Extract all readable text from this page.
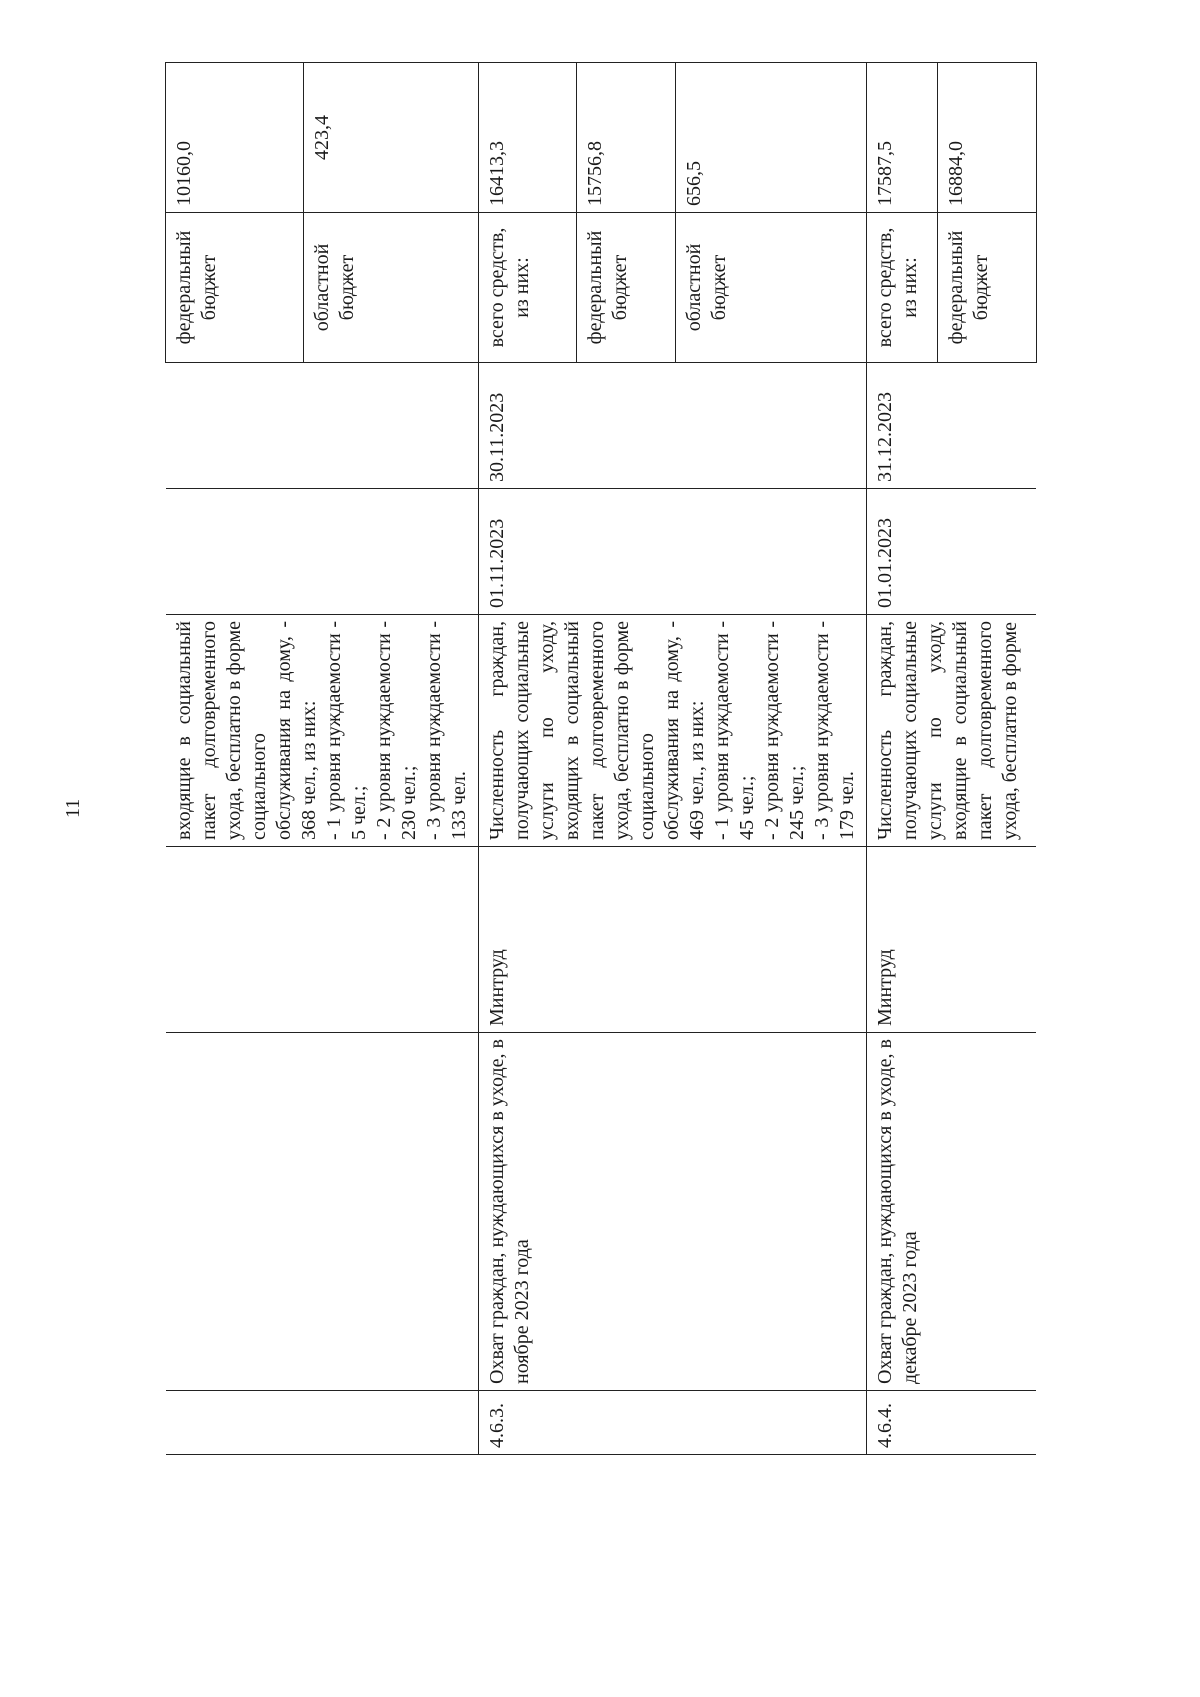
11

			входящие в социальный пакет долговременного ухода, бесплатно в форме социального обслуживания на дому, - 368 чел., из них: - 1 уровня нуждаемости - 5 чел.; - 2 уровня нуждаемости - 230 чел.; - 3 уровня нуждаемости - 133 чел.			федеральный бюджет	10160,0
						областной бюджет	423,4
4.6.3.	Охват граждан, нуждающихся в уходе, в ноябре 2023 года	Минтруд	Численность граждан, получающих социальные услуги по уходу, входящих в социальный пакет долговременного ухода, бесплатно в форме социального обслуживания на дому, - 469 чел., из них: - 1 уровня нуждаемости - 45 чел.; - 2 уровня нуждаемости - 245 чел.; - 3 уровня нуждаемости - 179 чел.	01.11.2023	30.11.2023	всего средств, из них:	16413,3
						федеральный бюджет	15756,8
						областной бюджет	656,5
4.6.4.	Охват граждан, нуждающихся в уходе, в декабре 2023 года	Минтруд	Численность граждан, получающих социальные услуги по уходу, входящие в социальный пакет долговременного ухода, бесплатно в форме	01.01.2023	31.12.2023	всего средств, из них:	17587,5
						федеральный бюджет	16884,0
